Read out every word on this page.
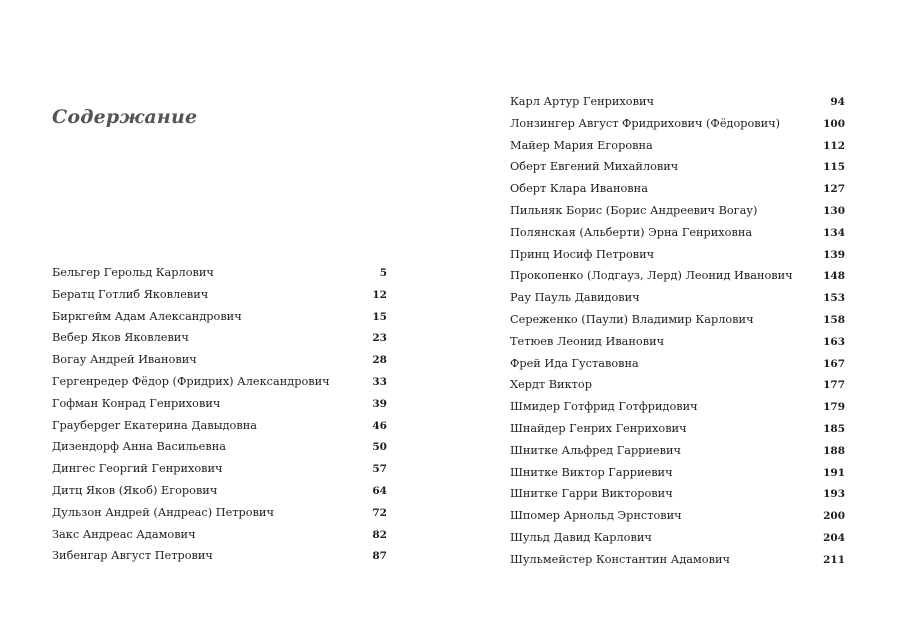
Содержание
Бельгер Герольд Карлович	5
Бератц Готлиб Яковлевич	12
Биркгейм Адам Александрович	15
Вебер Яков Яковлевич	23
Вогау Андрей Иванович	28
Гергенредер Фёдор (Фридрих) Александрович	33
Гофман Конрад Генрихович	39
Грауберger Екатерина Давыдовна	46
Дизендорф Анна Васильевна	50
Дингес Георгий Генрихович	57
Дитц Яков (Якоб) Егорович	64
Дульзон Андрей (Андреас) Петрович	72
Закс Андреас Адамович	82
Зибенгар Август Петрович	87
Карл Артур Генрихович	94
Лонзингер Август Фридрихович (Фёдорович)	100
Майер Мария Егоровна	112
Оберт Евгений Михайлович	115
Оберт Клара Ивановна	127
Пильняк Борис (Борис Андреевич Вогау)	130
Полянская (Альберти) Эрна Генриховна	134
Принц Иосиф Петрович	139
Прокопенко (Лодгауз, Лерд) Леонид Иванович	148
Рау Пауль Давидович	153
Сереженко (Паули) Владимир Карлович	158
Тетюев Леонид Иванович	163
Фрей Ида Густавовна	167
Хердт Виктор	177
Шмидер Готфрид Готфридович	179
Шнайдер Генрих Генрихович	185
Шнитке Альфред Гарриевич	188
Шнитке Виктор Гарриевич	191
Шнитке Гарри Викторович	193
Шпомер Арнольд Эрнстович	200
Шульд Давид Карлович	204
Шульмейстер Константин Адамович	211
